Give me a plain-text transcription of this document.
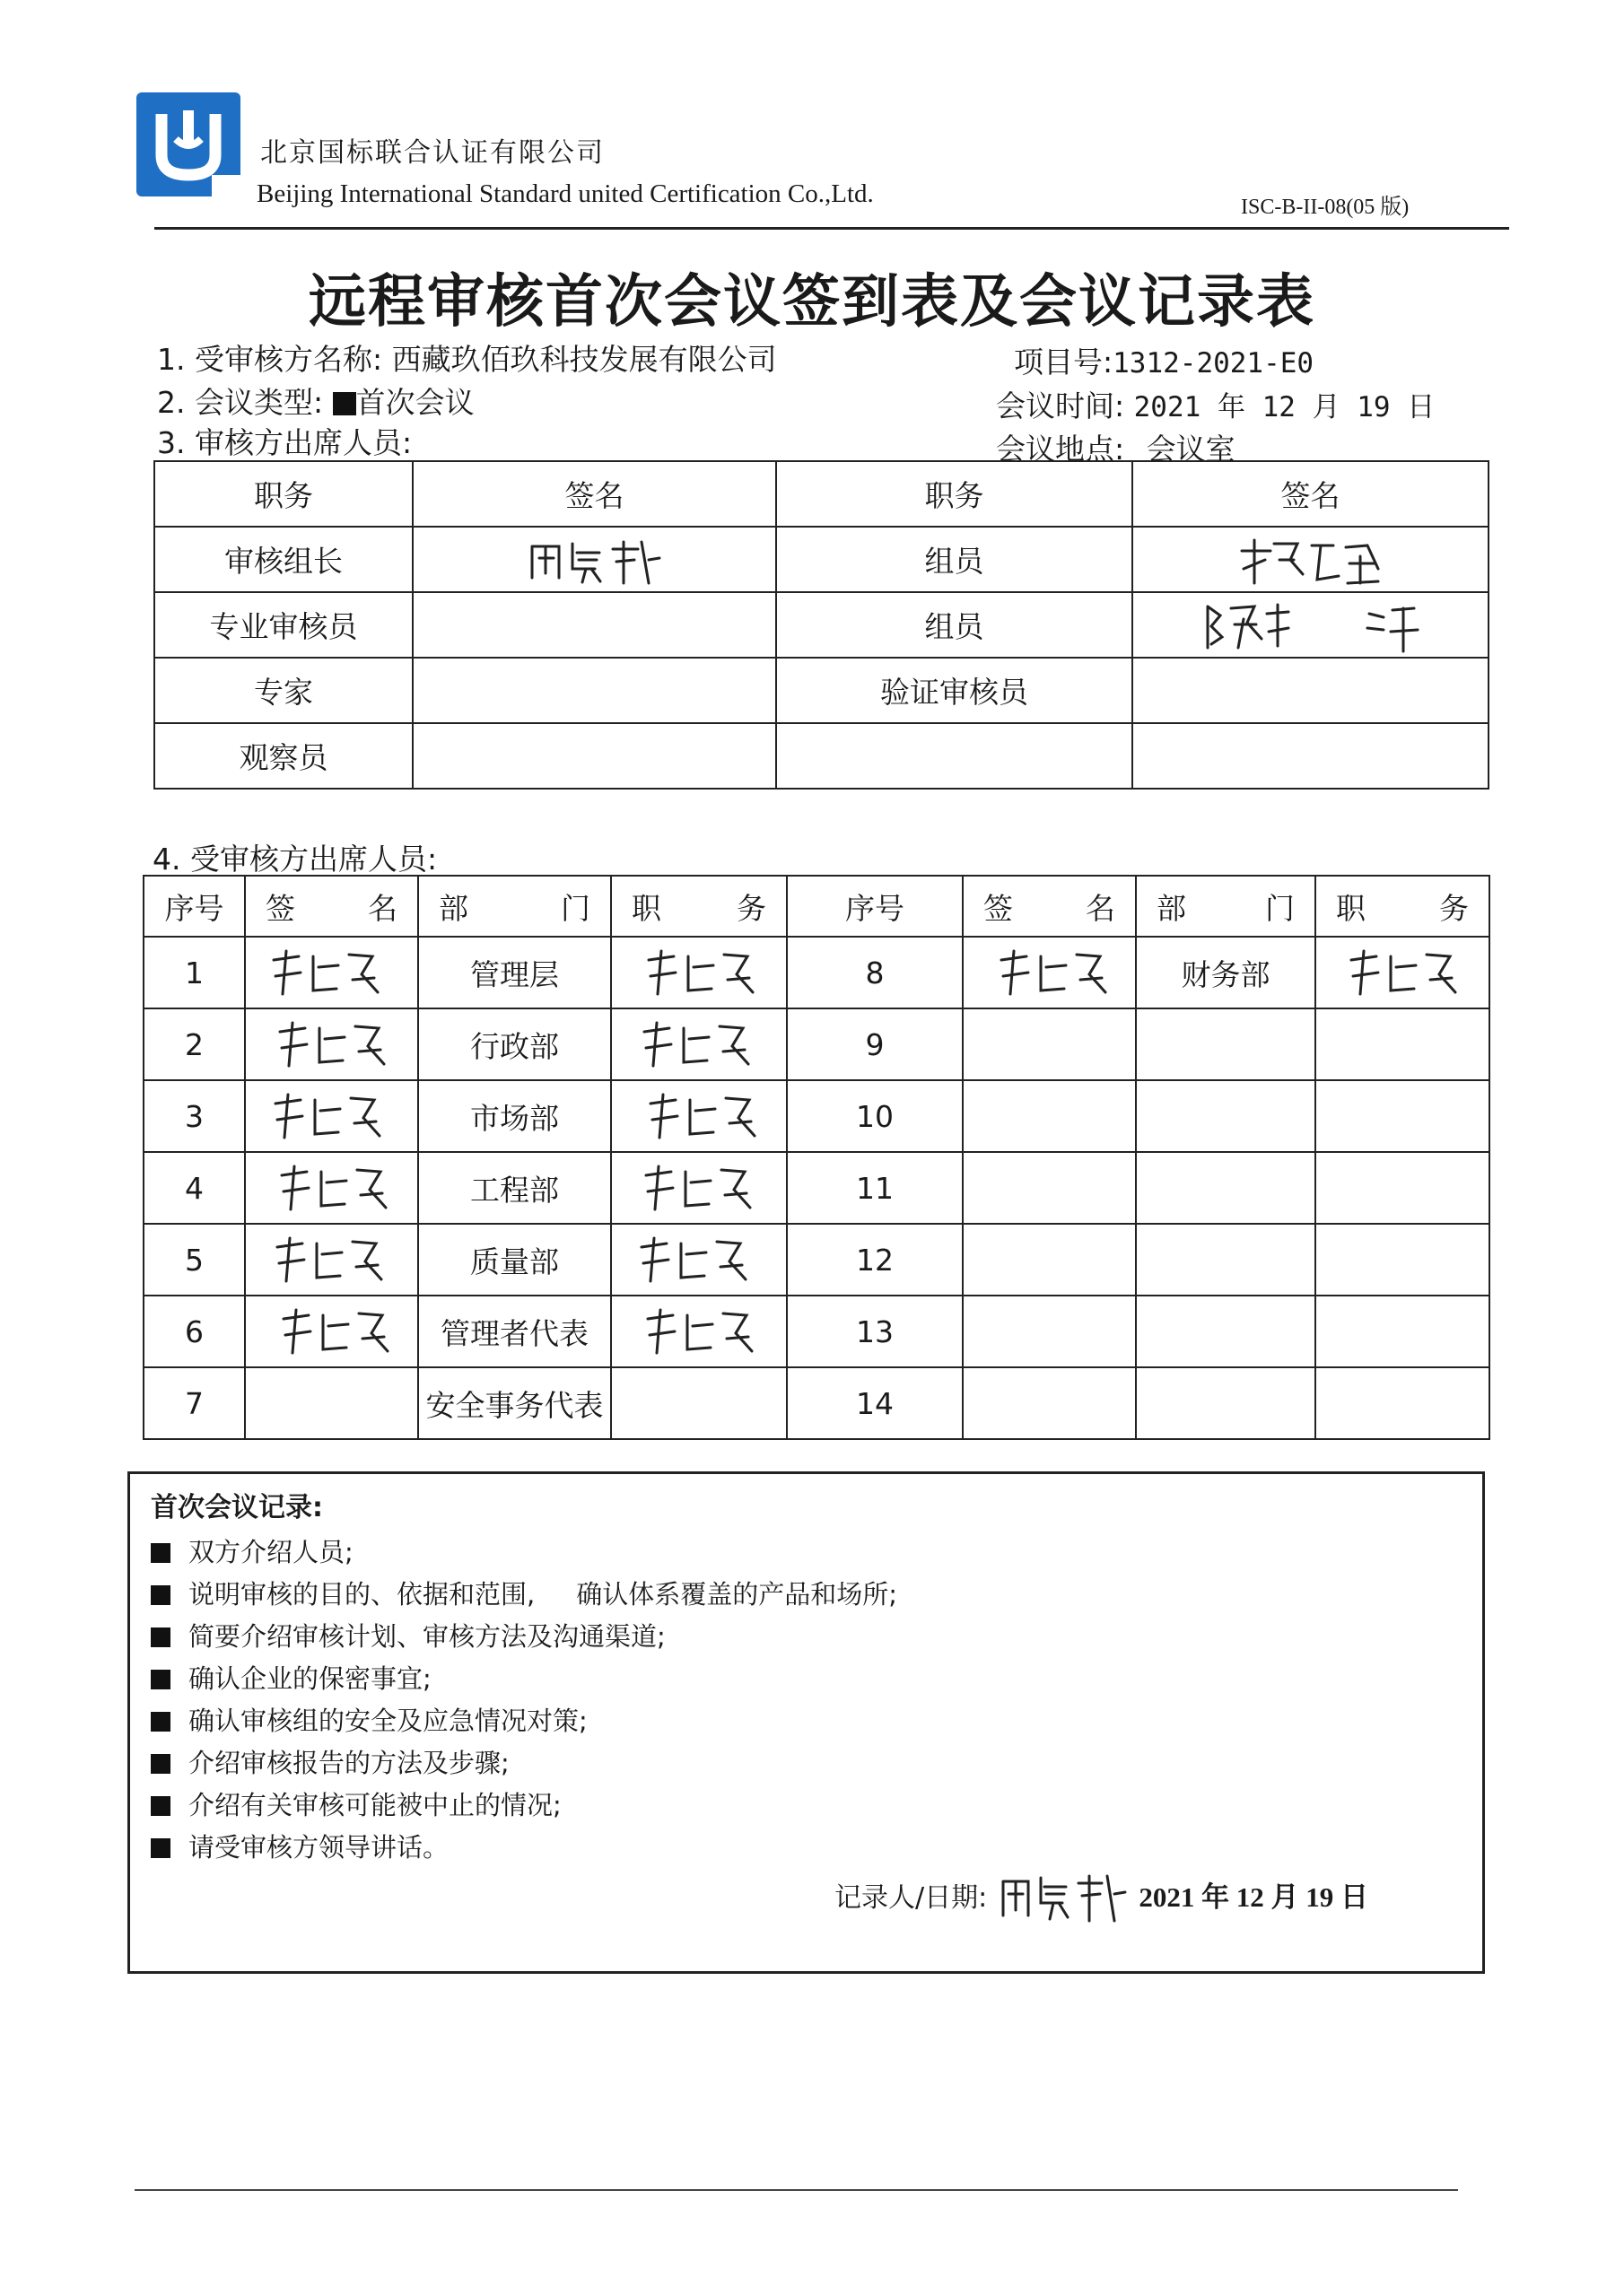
北京国标联合认证有限公司
Beijing International Standard united Certification Co.,Ltd.	ISC-B-II-08(05 版)
远程审核首次会议签到表及会议记录表
1. 受审核方名称: 西藏玖佰玖科技发展有限公司	项目号:1312-2021-E0
2. 会议类型: 首次会议	会议时间: 2021 年 12 月 19 日
3. 审核方出席人员:	会议地点: 会议室
职务	签名	职务	签名
审核组长		组员	

专业审核员		组员	

专家		验证审核员	
观察员			
4. 受审核方出席人员:
序号	签 名	部 门	职 务	序号	签 名	部 门	职 务

1		管理层		8		财务部	

2		行政部		9			
3		市场部		10			
4		工程部		11			
5		质量部		12			
6		管理者代表		13			
7		安全事务代表		14			
首次会议记录:
双方介绍人员;
说明审核的目的、依据和范围,     确认体系覆盖的产品和场所;
简要介绍审核计划、审核方法及沟通渠道;
确认企业的保密事宜;
确认审核组的安全及应急情况对策;
介绍审核报告的方法及步骤;
介绍有关审核可能被中止的情况;
请受审核方领导讲话。
记录人/日期:	2021 年 12 月 19 日
